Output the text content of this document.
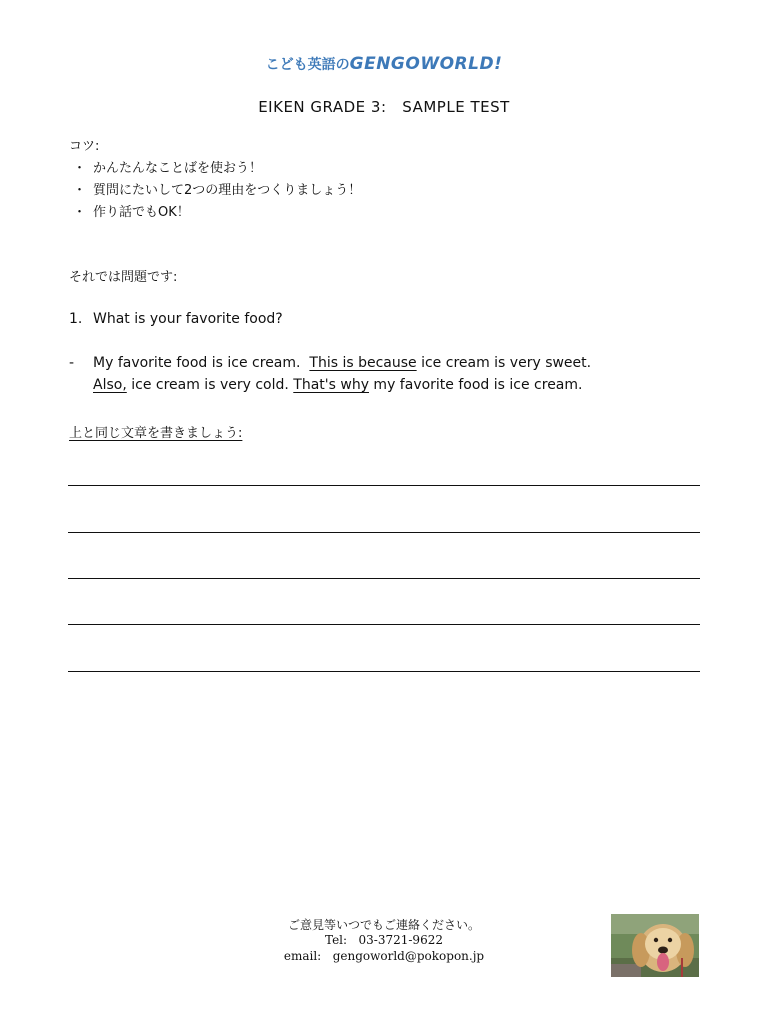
こども英語のGENGOWORLD!
EIKEN GRADE 3:   SAMPLE TEST
コツ:
・ かんたんなことばを使おう！
・ 質問にたいして2つの理由をつくりましょう！
・ 作り話でもOK！
それでは問題です:
1. What is your favorite food?
- My favorite food is ice cream.  This is because ice cream is very sweet.
Also, ice cream is very cold. That's why my favorite food is ice cream.
上と同じ文章を書きましょう:
ご意見等いつでもご連絡ください。
Tel: 03-3721-9622
email: gengoworld@pokopon.jp
